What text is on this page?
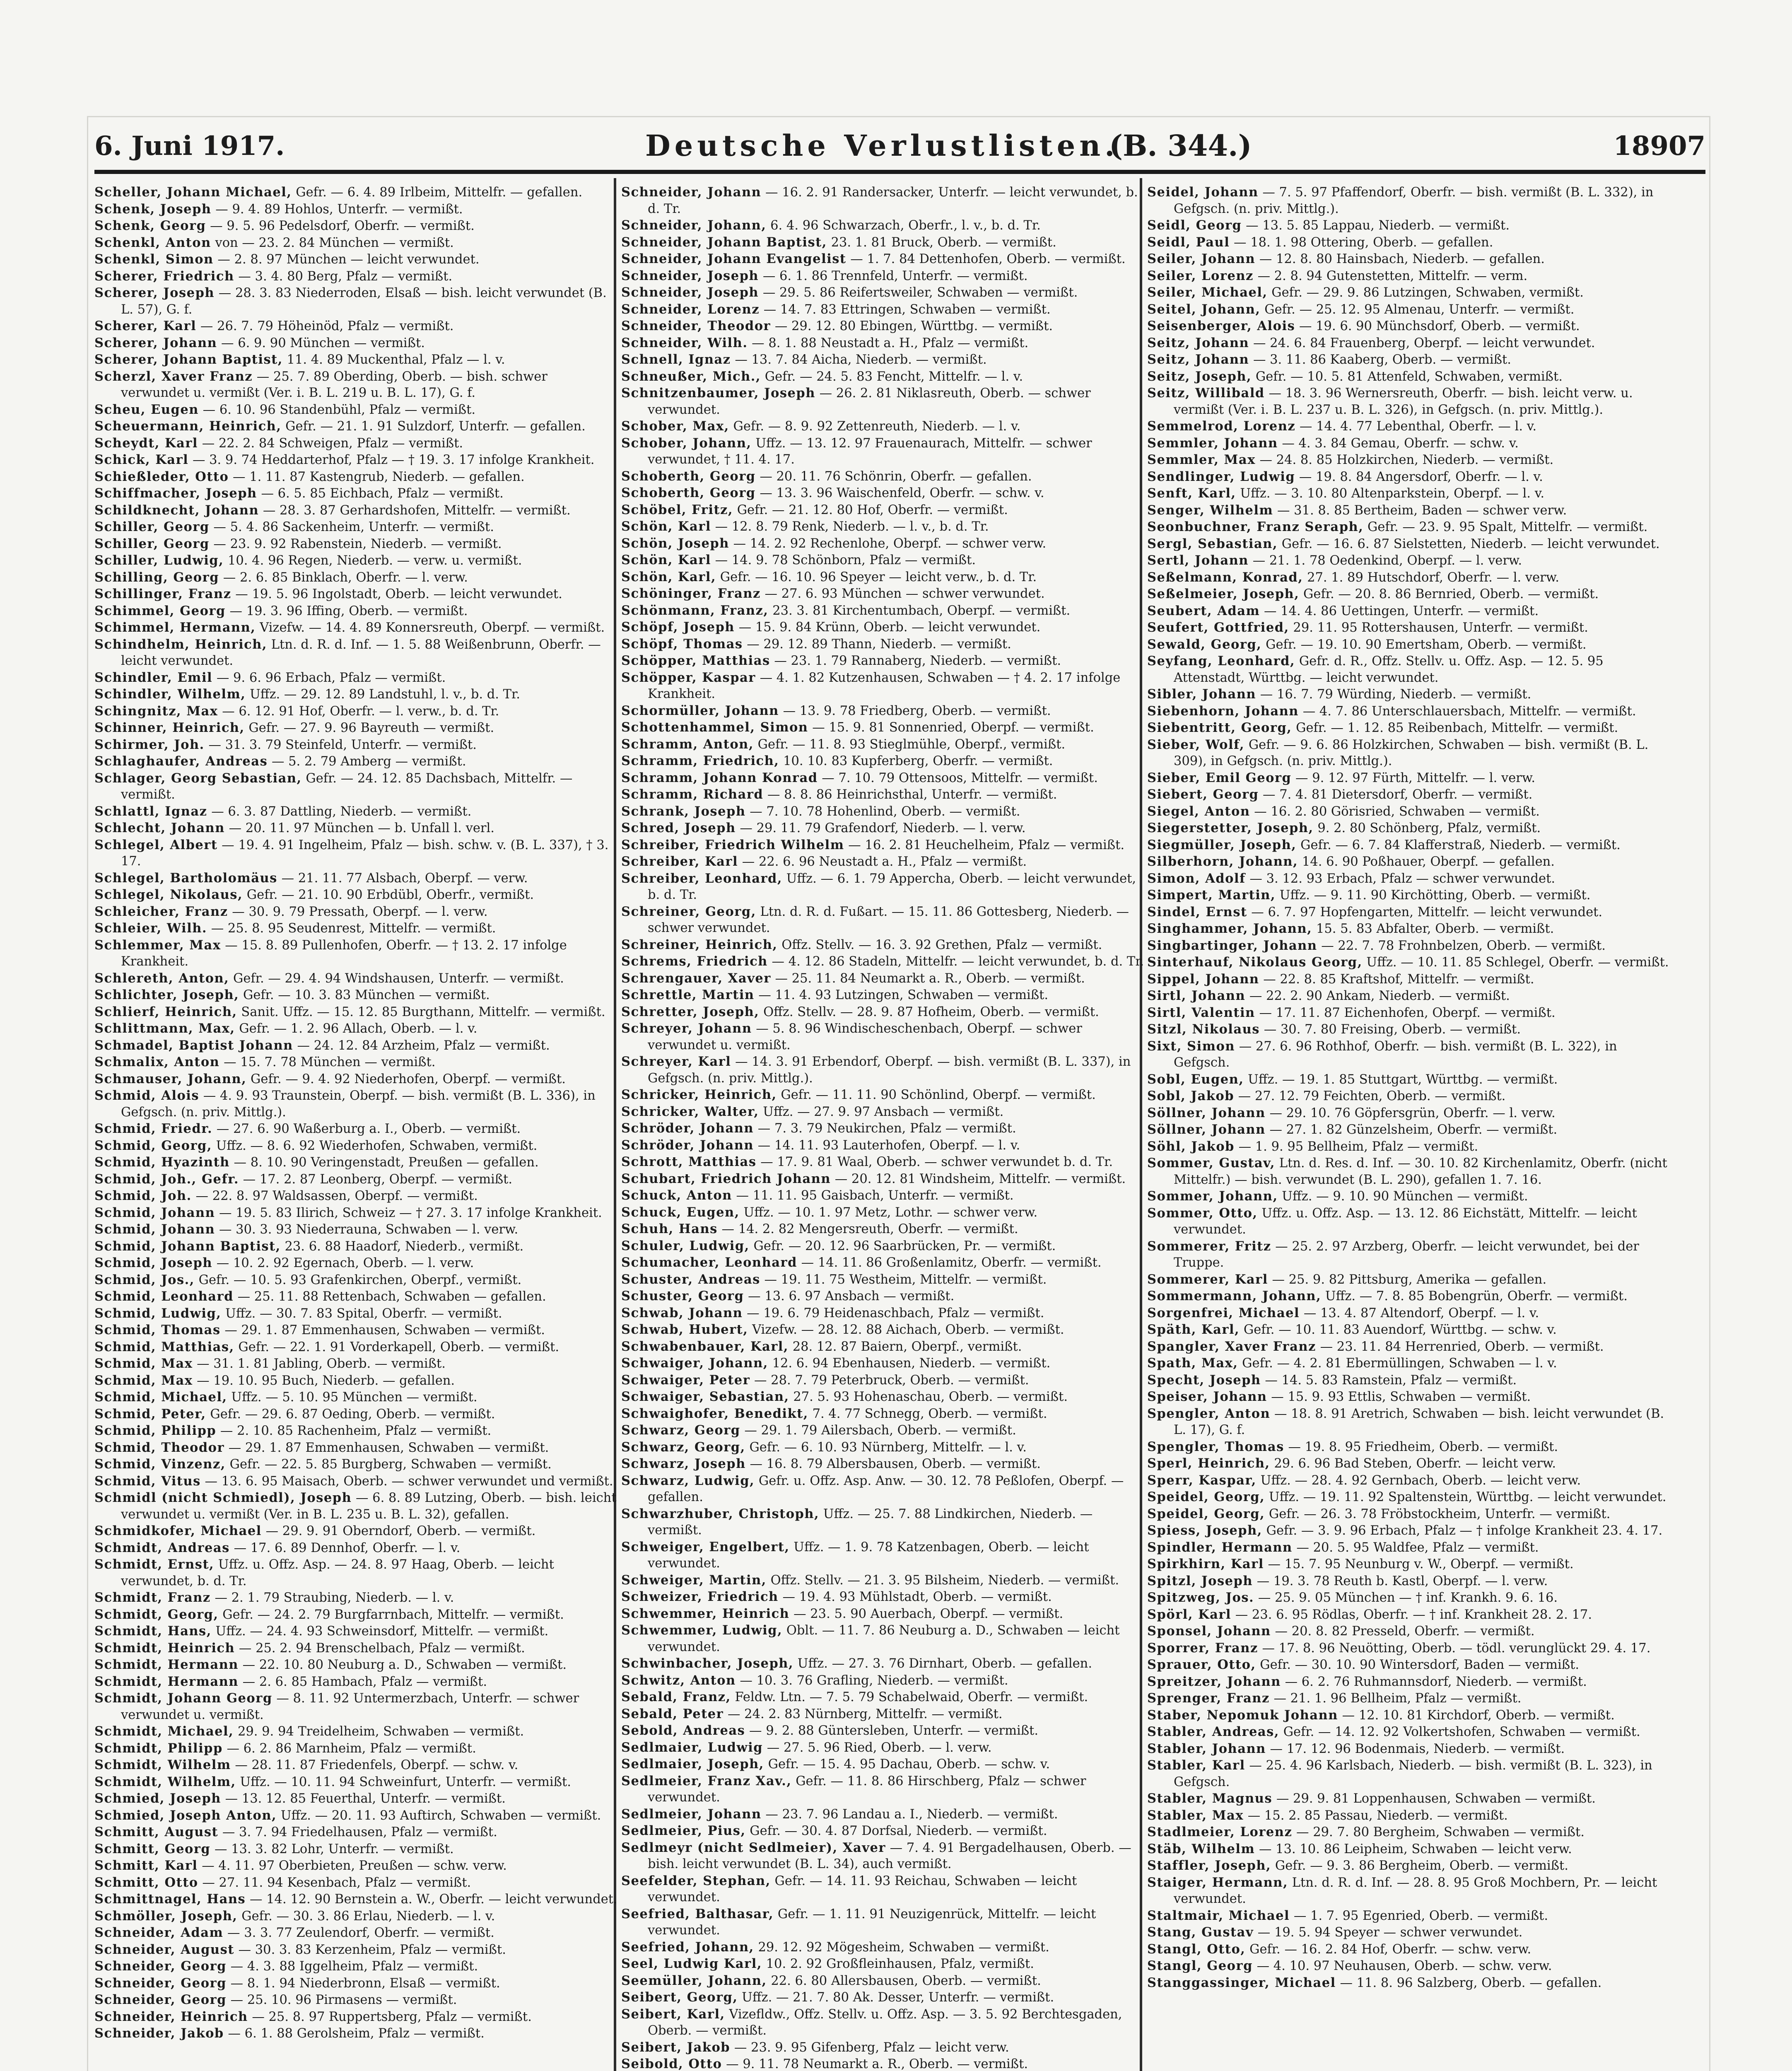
6. Juni 1917.	Deutsche Verlustlisten.
(B. 344.)	18907
Scheller, Johann Michael, Gefr. — 6. 4. 89 Irlbeim, Mittelfr. — gefallen.
Schenk, Joseph — 9. 4. 89 Hohlos, Unterfr. — vermißt.
Schenk, Georg — 9. 5. 96 Pedelsdorf, Oberfr. — vermißt.
Schenkl, Anton von — 23. 2. 84 München — vermißt.
Schenkl, Simon — 2. 8. 97 München — leicht verwundet.
Scherer, Friedrich — 3. 4. 80 Berg, Pfalz — vermißt.
Scherer, Joseph — 28. 3. 83 Niederroden, Elsaß — bish. leicht verwundet (B. L. 57), G. f.
Scherer, Karl — 26. 7. 79 Höheinöd, Pfalz — vermißt.
Scherer, Johann — 6. 9. 90 München — vermißt.
Scherer, Johann Baptist, 11. 4. 89 Muckenthal, Pfalz — l. v.
Scherzl, Xaver Franz — 25. 7. 89 Oberding, Oberb. — bish. schwer verwundet u. vermißt (Ver. i. B. L. 219 u. B. L. 17), G. f.
Scheu, Eugen — 6. 10. 96 Standenbühl, Pfalz — vermißt.
Scheuermann, Heinrich, Gefr. — 21. 1. 91 Sulzdorf, Unterfr. — gefallen.
Scheydt, Karl — 22. 2. 84 Schweigen, Pfalz — vermißt.
Schick, Karl — 3. 9. 74 Heddarterhof, Pfalz — † 19. 3. 17 infolge Krankheit.
Schießleder, Otto — 1. 11. 87 Kastengrub, Niederb. — gefallen.
Schiffmacher, Joseph — 6. 5. 85 Eichbach, Pfalz — vermißt.
Schildknecht, Johann — 28. 3. 87 Gerhardshofen, Mittelfr. — vermißt.
Schiller, Georg — 5. 4. 86 Sackenheim, Unterfr. — vermißt.
Schiller, Georg — 23. 9. 92 Rabenstein, Niederb. — vermißt.
Schiller, Ludwig, 10. 4. 96 Regen, Niederb. — verw. u. vermißt.
Schilling, Georg — 2. 6. 85 Binklach, Oberfr. — l. verw.
Schillinger, Franz — 19. 5. 96 Ingolstadt, Oberb. — leicht verwundet.
Schimmel, Georg — 19. 3. 96 Iffing, Oberb. — vermißt.
Schimmel, Hermann, Vizefw. — 14. 4. 89 Konnersreuth, Oberpf. — vermißt.
Schindhelm, Heinrich, Ltn. d. R. d. Inf. — 1. 5. 88 Weißenbrunn, Oberfr. — leicht verwundet.
Schindler, Emil — 9. 6. 96 Erbach, Pfalz — vermißt.
Schindler, Wilhelm, Uffz. — 29. 12. 89 Landstuhl, l. v., b. d. Tr.
Schingnitz, Max — 6. 12. 91 Hof, Oberfr. — l. verw., b. d. Tr.
Schinner, Heinrich, Gefr. — 27. 9. 96 Bayreuth — vermißt.
Schirmer, Joh. — 31. 3. 79 Steinfeld, Unterfr. — vermißt.
Schlaghaufer, Andreas — 5. 2. 79 Amberg — vermißt.
Schlager, Georg Sebastian, Gefr. — 24. 12. 85 Dachsbach, Mittelfr. — vermißt.
Schlattl, Ignaz — 6. 3. 87 Dattling, Niederb. — vermißt.
Schlecht, Johann — 20. 11. 97 München — b. Unfall l. verl.
Schlegel, Albert — 19. 4. 91 Ingelheim, Pfalz — bish. schw. v. (B. L. 337), † 3. 17.
Schlegel, Bartholomäus — 21. 11. 77 Alsbach, Oberpf. — verw.
Schlegel, Nikolaus, Gefr. — 21. 10. 90 Erbdübl, Oberfr., vermißt.
Schleicher, Franz — 30. 9. 79 Pressath, Oberpf. — l. verw.
Schleier, Wilh. — 25. 8. 95 Seudenrest, Mittelfr. — vermißt.
Schlemmer, Max — 15. 8. 89 Pullenhofen, Oberfr. — † 13. 2. 17 infolge Krankheit.
Schlereth, Anton, Gefr. — 29. 4. 94 Windshausen, Unterfr. — vermißt.
Schlichter, Joseph, Gefr. — 10. 3. 83 München — vermißt.
Schlierf, Heinrich, Sanit. Uffz. — 15. 12. 85 Burgthann, Mittelfr. — vermißt.
Schlittmann, Max, Gefr. — 1. 2. 96 Allach, Oberb. — l. v.
Schmadel, Baptist Johann — 24. 12. 84 Arzheim, Pfalz — vermißt.
Schmalix, Anton — 15. 7. 78 München — vermißt.
Schmauser, Johann, Gefr. — 9. 4. 92 Niederhofen, Oberpf. — vermißt.
Schmid, Alois — 4. 9. 93 Traunstein, Oberpf. — bish. vermißt (B. L. 336), in Gefgsch. (n. priv. Mittlg.).
Schmid, Friedr. — 27. 6. 90 Waßerburg a. I., Oberb. — vermißt.
Schmid, Georg, Uffz. — 8. 6. 92 Wiederhofen, Schwaben, vermißt.
Schmid, Hyazinth — 8. 10. 90 Veringenstadt, Preußen — gefallen.
Schmid, Joh., Gefr. — 17. 2. 87 Leonberg, Oberpf. — vermißt.
Schmid, Joh. — 22. 8. 97 Waldsassen, Oberpf. — vermißt.
Schmid, Johann — 19. 5. 83 Ilirich, Schweiz — † 27. 3. 17 infolge Krankheit.
Schmid, Johann — 30. 3. 93 Niederrauna, Schwaben — l. verw.
Schmid, Johann Baptist, 23. 6. 88 Haadorf, Niederb., vermißt.
Schmid, Joseph — 10. 2. 92 Egernach, Oberb. — l. verw.
Schmid, Jos., Gefr. — 10. 5. 93 Grafenkirchen, Oberpf., vermißt.
Schmid, Leonhard — 25. 11. 88 Rettenbach, Schwaben — gefallen.
Schmid, Ludwig, Uffz. — 30. 7. 83 Spital, Oberfr. — vermißt.
Schmid, Thomas — 29. 1. 87 Emmenhausen, Schwaben — vermißt.
Schmid, Matthias, Gefr. — 22. 1. 91 Vorderkapell, Oberb. — vermißt.
Schmid, Max — 31. 1. 81 Jabling, Oberb. — vermißt.
Schmid, Max — 19. 10. 95 Buch, Niederb. — gefallen.
Schmid, Michael, Uffz. — 5. 10. 95 München — vermißt.
Schmid, Peter, Gefr. — 29. 6. 87 Oeding, Oberb. — vermißt.
Schmid, Philipp — 2. 10. 85 Rachenheim, Pfalz — vermißt.
Schmid, Theodor — 29. 1. 87 Emmenhausen, Schwaben — vermißt.
Schmid, Vinzenz, Gefr. — 22. 5. 85 Burgberg, Schwaben — vermißt.
Schmid, Vitus — 13. 6. 95 Maisach, Oberb. — schwer verwundet und vermißt.
Schmidl (nicht Schmiedl), Joseph — 6. 8. 89 Lutzing, Oberb. — bish. leicht verwundet u. vermißt (Ver. in B. L. 235 u. B. L. 32), gefallen.
Schmidkofer, Michael — 29. 9. 91 Oberndorf, Oberb. — vermißt.
Schmidt, Andreas — 17. 6. 89 Dennhof, Oberfr. — l. v.
Schmidt, Ernst, Uffz. u. Offz. Asp. — 24. 8. 97 Haag, Oberb. — leicht verwundet, b. d. Tr.
Schmidt, Franz — 2. 1. 79 Straubing, Niederb. — l. v.
Schmidt, Georg, Gefr. — 24. 2. 79 Burgfarrnbach, Mittelfr. — vermißt.
Schmidt, Hans, Uffz. — 24. 4. 93 Schweinsdorf, Mittelfr. — vermißt.
Schmidt, Heinrich — 25. 2. 94 Brenschelbach, Pfalz — vermißt.
Schmidt, Hermann — 22. 10. 80 Neuburg a. D., Schwaben — vermißt.
Schmidt, Hermann — 2. 6. 85 Hambach, Pfalz — vermißt.
Schmidt, Johann Georg — 8. 11. 92 Untermerzbach, Unterfr. — schwer verwundet u. vermißt.
Schmidt, Michael, 29. 9. 94 Treidelheim, Schwaben — vermißt.
Schmidt, Philipp — 6. 2. 86 Marnheim, Pfalz — vermißt.
Schmidt, Wilhelm — 28. 11. 87 Friedenfels, Oberpf. — schw. v.
Schmidt, Wilhelm, Uffz. — 10. 11. 94 Schweinfurt, Unterfr. — vermißt.
Schmied, Joseph — 13. 12. 85 Feuerthal, Unterfr. — vermißt.
Schmied, Joseph Anton, Uffz. — 20. 11. 93 Auftirch, Schwaben — vermißt.
Schmitt, August — 3. 7. 94 Friedelhausen, Pfalz — vermißt.
Schmitt, Georg — 13. 3. 82 Lohr, Unterfr. — vermißt.
Schmitt, Karl — 4. 11. 97 Oberbieten, Preußen — schw. verw.
Schmitt, Otto — 27. 11. 94 Kesenbach, Pfalz — vermißt.
Schmittnagel, Hans — 14. 12. 90 Bernstein a. W., Oberfr. — leicht verwundet.
Schmöller, Joseph, Gefr. — 30. 3. 86 Erlau, Niederb. — l. v.
Schneider, Adam — 3. 3. 77 Zeulendorf, Oberfr. — vermißt.
Schneider, August — 30. 3. 83 Kerzenheim, Pfalz — vermißt.
Schneider, Georg — 4. 3. 88 Iggelheim, Pfalz — vermißt.
Schneider, Georg — 8. 1. 94 Niederbronn, Elsaß — vermißt.
Schneider, Georg — 25. 10. 96 Pirmasens — vermißt.
Schneider, Heinrich — 25. 8. 97 Ruppertsberg, Pfalz — vermißt.
Schneider, Jakob — 6. 1. 88 Gerolsheim, Pfalz — vermißt.
Schneider, Johann — 16. 2. 91 Randersacker, Unterfr. — leicht verwundet, b. d. Tr.
Schneider, Johann, 6. 4. 96 Schwarzach, Oberfr., l. v., b. d. Tr.
Schneider, Johann Baptist, 23. 1. 81 Bruck, Oberb. — vermißt.
Schneider, Johann Evangelist — 1. 7. 84 Dettenhofen, Oberb. — vermißt.
Schneider, Joseph — 6. 1. 86 Trennfeld, Unterfr. — vermißt.
Schneider, Joseph — 29. 5. 86 Reifertsweiler, Schwaben — vermißt.
Schneider, Lorenz — 14. 7. 83 Ettringen, Schwaben — vermißt.
Schneider, Theodor — 29. 12. 80 Ebingen, Württbg. — vermißt.
Schneider, Wilh. — 8. 1. 88 Neustadt a. H., Pfalz — vermißt.
Schnell, Ignaz — 13. 7. 84 Aicha, Niederb. — vermißt.
Schneußer, Mich., Gefr. — 24. 5. 83 Fencht, Mittelfr. — l. v.
Schnitzenbaumer, Joseph — 26. 2. 81 Niklasreuth, Oberb. — schwer verwundet.
Schober, Max, Gefr. — 8. 9. 92 Zettenreuth, Niederb. — l. v.
Schober, Johann, Uffz. — 13. 12. 97 Frauenaurach, Mittelfr. — schwer verwundet, † 11. 4. 17.
Schoberth, Georg — 20. 11. 76 Schönrin, Oberfr. — gefallen.
Schoberth, Georg — 13. 3. 96 Waischenfeld, Oberfr. — schw. v.
Schöbel, Fritz, Gefr. — 21. 12. 80 Hof, Oberfr. — vermißt.
Schön, Karl — 12. 8. 79 Renk, Niederb. — l. v., b. d. Tr.
Schön, Joseph — 14. 2. 92 Rechenlohe, Oberpf. — schwer verw.
Schön, Karl — 14. 9. 78 Schönborn, Pfalz — vermißt.
Schön, Karl, Gefr. — 16. 10. 96 Speyer — leicht verw., b. d. Tr.
Schöninger, Franz — 27. 6. 93 München — schwer verwundet.
Schönmann, Franz, 23. 3. 81 Kirchentumbach, Oberpf. — vermißt.
Schöpf, Joseph — 15. 9. 84 Krünn, Oberb. — leicht verwundet.
Schöpf, Thomas — 29. 12. 89 Thann, Niederb. — vermißt.
Schöpper, Matthias — 23. 1. 79 Rannaberg, Niederb. — vermißt.
Schöpper, Kaspar — 4. 1. 82 Kutzenhausen, Schwaben — † 4. 2. 17 infolge Krankheit.
Schormüller, Johann — 13. 9. 78 Friedberg, Oberb. — vermißt.
Schottenhammel, Simon — 15. 9. 81 Sonnenried, Oberpf. — vermißt.
Schramm, Anton, Gefr. — 11. 8. 93 Stieglmühle, Oberpf., vermißt.
Schramm, Friedrich, 10. 10. 83 Kupferberg, Oberfr. — vermißt.
Schramm, Johann Konrad — 7. 10. 79 Ottensoos, Mittelfr. — vermißt.
Schramm, Richard — 8. 8. 86 Heinrichsthal, Unterfr. — vermißt.
Schrank, Joseph — 7. 10. 78 Hohenlind, Oberb. — vermißt.
Schred, Joseph — 29. 11. 79 Grafendorf, Niederb. — l. verw.
Schreiber, Friedrich Wilhelm — 16. 2. 81 Heuchelheim, Pfalz — vermißt.
Schreiber, Karl — 22. 6. 96 Neustadt a. H., Pfalz — vermißt.
Schreiber, Leonhard, Uffz. — 6. 1. 79 Appercha, Oberb. — leicht verwundet, b. d. Tr.
Schreiner, Georg, Ltn. d. R. d. Fußart. — 15. 11. 86 Gottesberg, Niederb. — schwer verwundet.
Schreiner, Heinrich, Offz. Stellv. — 16. 3. 92 Grethen, Pfalz — vermißt.
Schrems, Friedrich — 4. 12. 86 Stadeln, Mittelfr. — leicht verwundet, b. d. Tr.
Schrengauer, Xaver — 25. 11. 84 Neumarkt a. R., Oberb. — vermißt.
Schrettle, Martin — 11. 4. 93 Lutzingen, Schwaben — vermißt.
Schretter, Joseph, Offz. Stellv. — 28. 9. 87 Hofheim, Oberb. — vermißt.
Schreyer, Johann — 5. 8. 96 Windischeschenbach, Oberpf. — schwer verwundet u. vermißt.
Schreyer, Karl — 14. 3. 91 Erbendorf, Oberpf. — bish. vermißt (B. L. 337), in Gefgsch. (n. priv. Mittlg.).
Schricker, Heinrich, Gefr. — 11. 11. 90 Schönlind, Oberpf. — vermißt.
Schricker, Walter, Uffz. — 27. 9. 97 Ansbach — vermißt.
Schröder, Johann — 7. 3. 79 Neukirchen, Pfalz — vermißt.
Schröder, Johann — 14. 11. 93 Lauterhofen, Oberpf. — l. v.
Schrott, Matthias — 17. 9. 81 Waal, Oberb. — schwer verwundet b. d. Tr.
Schubart, Friedrich Johann — 20. 12. 81 Windsheim, Mittelfr. — vermißt.
Schuck, Anton — 11. 11. 95 Gaisbach, Unterfr. — vermißt.
Schuck, Eugen, Uffz. — 10. 1. 97 Metz, Lothr. — schwer verw.
Schuh, Hans — 14. 2. 82 Mengersreuth, Oberfr. — vermißt.
Schuler, Ludwig, Gefr. — 20. 12. 96 Saarbrücken, Pr. — vermißt.
Schumacher, Leonhard — 14. 11. 86 Großenlamitz, Oberfr. — vermißt.
Schuster, Andreas — 19. 11. 75 Westheim, Mittelfr. — vermißt.
Schuster, Georg — 13. 6. 97 Ansbach — vermißt.
Schwab, Johann — 19. 6. 79 Heidenaschbach, Pfalz — vermißt.
Schwab, Hubert, Vizefw. — 28. 12. 88 Aichach, Oberb. — vermißt.
Schwabenbauer, Karl, 28. 12. 87 Baiern, Oberpf., vermißt.
Schwaiger, Johann, 12. 6. 94 Ebenhausen, Niederb. — vermißt.
Schwaiger, Peter — 28. 7. 79 Peterbruck, Oberb. — vermißt.
Schwaiger, Sebastian, 27. 5. 93 Hohenaschau, Oberb. — vermißt.
Schwaighofer, Benedikt, 7. 4. 77 Schnegg, Oberb. — vermißt.
Schwarz, Georg — 29. 1. 79 Ailersbach, Oberb. — vermißt.
Schwarz, Georg, Gefr. — 6. 10. 93 Nürnberg, Mittelfr. — l. v.
Schwarz, Joseph — 16. 8. 79 Albersbausen, Oberb. — vermißt.
Schwarz, Ludwig, Gefr. u. Offz. Asp. Anw. — 30. 12. 78 Peßlofen, Oberpf. — gefallen.
Schwarzhuber, Christoph, Uffz. — 25. 7. 88 Lindkirchen, Niederb. — vermißt.
Schweiger, Engelbert, Uffz. — 1. 9. 78 Katzenbagen, Oberb. — leicht verwundet.
Schweiger, Martin, Offz. Stellv. — 21. 3. 95 Bilsheim, Niederb. — vermißt.
Schweizer, Friedrich — 19. 4. 93 Mühlstadt, Oberb. — vermißt.
Schwemmer, Heinrich — 23. 5. 90 Auerbach, Oberpf. — vermißt.
Schwemmer, Ludwig, Oblt. — 11. 7. 86 Neuburg a. D., Schwaben — leicht verwundet.
Schwinbacher, Joseph, Uffz. — 27. 3. 76 Dirnhart, Oberb. — gefallen.
Schwitz, Anton — 10. 3. 76 Grafling, Niederb. — vermißt.
Sebald, Franz, Feldw. Ltn. — 7. 5. 79 Schabelwaid, Oberfr. — vermißt.
Sebald, Peter — 24. 2. 83 Nürnberg, Mittelfr. — vermißt.
Sebold, Andreas — 9. 2. 88 Güntersleben, Unterfr. — vermißt.
Sedlmaier, Ludwig — 27. 5. 96 Ried, Oberb. — l. verw.
Sedlmaier, Joseph, Gefr. — 15. 4. 95 Dachau, Oberb. — schw. v.
Sedlmeier, Franz Xav., Gefr. — 11. 8. 86 Hirschberg, Pfalz — schwer verwundet.
Sedlmeier, Johann — 23. 7. 96 Landau a. I., Niederb. — vermißt.
Sedlmeier, Pius, Gefr. — 30. 4. 87 Dorfsal, Niederb. — vermißt.
Sedlmeyr (nicht Sedlmeier), Xaver — 7. 4. 91 Bergadelhausen, Oberb. — bish. leicht verwundet (B. L. 34), auch vermißt.
Seefelder, Stephan, Gefr. — 14. 11. 93 Reichau, Schwaben — leicht verwundet.
Seefried, Balthasar, Gefr. — 1. 11. 91 Neuzigenrück, Mittelfr. — leicht verwundet.
Seefried, Johann, 29. 12. 92 Mögesheim, Schwaben — vermißt.
Seel, Ludwig Karl, 10. 2. 92 Großfleinhausen, Pfalz, vermißt.
Seemüller, Johann, 22. 6. 80 Allersbausen, Oberb. — vermißt.
Seibert, Georg, Uffz. — 21. 7. 80 Ak. Desser, Unterfr. — vermißt.
Seibert, Karl, Vizefldw., Offz. Stellv. u. Offz. Asp. — 3. 5. 92 Berchtesgaden, Oberb. — vermißt.
Seibert, Jakob — 23. 9. 95 Gifenberg, Pfalz — leicht verw.
Seibold, Otto — 9. 11. 78 Neumarkt a. R., Oberb. — vermißt.
Seidel, Johann — 7. 5. 97 Pfaffendorf, Oberfr. — bish. vermißt (B. L. 332), in Gefgsch. (n. priv. Mittlg.).
Seidl, Georg — 13. 5. 85 Lappau, Niederb. — vermißt.
Seidl, Paul — 18. 1. 98 Ottering, Oberb. — gefallen.
Seiler, Johann — 12. 8. 80 Hainsbach, Niederb. — gefallen.
Seiler, Lorenz — 2. 8. 94 Gutenstetten, Mittelfr. — verm.
Seiler, Michael, Gefr. — 29. 9. 86 Lutzingen, Schwaben, vermißt.
Seitel, Johann, Gefr. — 25. 12. 95 Almenau, Unterfr. — vermißt.
Seisenberger, Alois — 19. 6. 90 Münchsdorf, Oberb. — vermißt.
Seitz, Johann — 24. 6. 84 Frauenberg, Oberpf. — leicht verwundet.
Seitz, Johann — 3. 11. 86 Kaaberg, Oberb. — vermißt.
Seitz, Joseph, Gefr. — 10. 5. 81 Attenfeld, Schwaben, vermißt.
Seitz, Willibald — 18. 3. 96 Wernersreuth, Oberfr. — bish. leicht verw. u. vermißt (Ver. i. B. L. 237 u. B. L. 326), in Gefgsch. (n. priv. Mittlg.).
Semmelrod, Lorenz — 14. 4. 77 Lebenthal, Oberfr. — l. v.
Semmler, Johann — 4. 3. 84 Gemau, Oberfr. — schw. v.
Semmler, Max — 24. 8. 85 Holzkirchen, Niederb. — vermißt.
Sendlinger, Ludwig — 19. 8. 84 Angersdorf, Oberfr. — l. v.
Senft, Karl, Uffz. — 3. 10. 80 Altenparkstein, Oberpf. — l. v.
Senger, Wilhelm — 31. 8. 85 Bertheim, Baden — schwer verw.
Seonbuchner, Franz Seraph, Gefr. — 23. 9. 95 Spalt, Mittelfr. — vermißt.
Sergl, Sebastian, Gefr. — 16. 6. 87 Sielstetten, Niederb. — leicht verwundet.
Sertl, Johann — 21. 1. 78 Oedenkind, Oberpf. — l. verw.
Seßelmann, Konrad, 27. 1. 89 Hutschdorf, Oberfr. — l. verw.
Seßelmeier, Joseph, Gefr. — 20. 8. 86 Bernried, Oberb. — vermißt.
Seubert, Adam — 14. 4. 86 Uettingen, Unterfr. — vermißt.
Seufert, Gottfried, 29. 11. 95 Rottershausen, Unterfr. — vermißt.
Sewald, Georg, Gefr. — 19. 10. 90 Emertsham, Oberb. — vermißt.
Seyfang, Leonhard, Gefr. d. R., Offz. Stellv. u. Offz. Asp. — 12. 5. 95 Attenstadt, Württbg. — leicht verwundet.
Sibler, Johann — 16. 7. 79 Würding, Niederb. — vermißt.
Siebenhorn, Johann — 4. 7. 86 Unterschlauersbach, Mittelfr. — vermißt.
Siebentritt, Georg, Gefr. — 1. 12. 85 Reibenbach, Mittelfr. — vermißt.
Sieber, Wolf, Gefr. — 9. 6. 86 Holzkirchen, Schwaben — bish. vermißt (B. L. 309), in Gefgsch. (n. priv. Mittlg.).
Sieber, Emil Georg — 9. 12. 97 Fürth, Mittelfr. — l. verw.
Siebert, Georg — 7. 4. 81 Dietersdorf, Oberfr. — vermißt.
Siegel, Anton — 16. 2. 80 Görisried, Schwaben — vermißt.
Siegerstetter, Joseph, 9. 2. 80 Schönberg, Pfalz, vermißt.
Siegmüller, Joseph, Gefr. — 6. 7. 84 Klafferstraß, Niederb. — vermißt.
Silberhorn, Johann, 14. 6. 90 Poßhauer, Oberpf. — gefallen.
Simon, Adolf — 3. 12. 93 Erbach, Pfalz — schwer verwundet.
Simpert, Martin, Uffz. — 9. 11. 90 Kirchötting, Oberb. — vermißt.
Sindel, Ernst — 6. 7. 97 Hopfengarten, Mittelfr. — leicht verwundet.
Singhammer, Johann, 15. 5. 83 Abfalter, Oberb. — vermißt.
Singbartinger, Johann — 22. 7. 78 Frohnbelzen, Oberb. — vermißt.
Sinterhauf, Nikolaus Georg, Uffz. — 10. 11. 85 Schlegel, Oberfr. — vermißt.
Sippel, Johann — 22. 8. 85 Kraftshof, Mittelfr. — vermißt.
Sirtl, Johann — 22. 2. 90 Ankam, Niederb. — vermißt.
Sirtl, Valentin — 17. 11. 87 Eichenhofen, Oberpf. — vermißt.
Sitzl, Nikolaus — 30. 7. 80 Freising, Oberb. — vermißt.
Sixt, Simon — 27. 6. 96 Rothhof, Oberfr. — bish. vermißt (B. L. 322), in Gefgsch.
Sobl, Eugen, Uffz. — 19. 1. 85 Stuttgart, Württbg. — vermißt.
Sobl, Jakob — 27. 12. 79 Feichten, Oberb. — vermißt.
Söllner, Johann — 29. 10. 76 Göpfersgrün, Oberfr. — l. verw.
Söllner, Johann — 27. 1. 82 Günzelsheim, Oberfr. — vermißt.
Söhl, Jakob — 1. 9. 95 Bellheim, Pfalz — vermißt.
Sommer, Gustav, Ltn. d. Res. d. Inf. — 30. 10. 82 Kirchenlamitz, Oberfr. (nicht Mittelfr.) — bish. verwundet (B. L. 290), gefallen 1. 7. 16.
Sommer, Johann, Uffz. — 9. 10. 90 München — vermißt.
Sommer, Otto, Uffz. u. Offz. Asp. — 13. 12. 86 Eichstätt, Mittelfr. — leicht verwundet.
Sommerer, Fritz — 25. 2. 97 Arzberg, Oberfr. — leicht verwundet, bei der Truppe.
Sommerer, Karl — 25. 9. 82 Pittsburg, Amerika — gefallen.
Sommermann, Johann, Uffz. — 7. 8. 85 Bobengrün, Oberfr. — vermißt.
Sorgenfrei, Michael — 13. 4. 87 Altendorf, Oberpf. — l. v.
Späth, Karl, Gefr. — 10. 11. 83 Auendorf, Württbg. — schw. v.
Spangler, Xaver Franz — 23. 11. 84 Herrenried, Oberb. — vermißt.
Spath, Max, Gefr. — 4. 2. 81 Ebermüllingen, Schwaben — l. v.
Specht, Joseph — 14. 5. 83 Ramstein, Pfalz — vermißt.
Speiser, Johann — 15. 9. 93 Ettlis, Schwaben — vermißt.
Spengler, Anton — 18. 8. 91 Aretrich, Schwaben — bish. leicht verwundet (B. L. 17), G. f.
Spengler, Thomas — 19. 8. 95 Friedheim, Oberb. — vermißt.
Sperl, Heinrich, 29. 6. 96 Bad Steben, Oberfr. — leicht verw.
Sperr, Kaspar, Uffz. — 28. 4. 92 Gernbach, Oberb. — leicht verw.
Speidel, Georg, Uffz. — 19. 11. 92 Spaltenstein, Württbg. — leicht verwundet.
Speidel, Georg, Gefr. — 26. 3. 78 Fröbstockheim, Unterfr. — vermißt.
Spiess, Joseph, Gefr. — 3. 9. 96 Erbach, Pfalz — † infolge Krankheit 23. 4. 17.
Spindler, Hermann — 20. 5. 95 Waldfee, Pfalz — vermißt.
Spirkhirn, Karl — 15. 7. 95 Neunburg v. W., Oberpf. — vermißt.
Spitzl, Joseph — 19. 3. 78 Reuth b. Kastl, Oberpf. — l. verw.
Spitzweg, Jos. — 25. 9. 05 München — † inf. Krankh. 9. 6. 16.
Spörl, Karl — 23. 6. 95 Rödlas, Oberfr. — † inf. Krankheit 28. 2. 17.
Sponsel, Johann — 20. 8. 82 Presseld, Oberfr. — vermißt.
Sporrer, Franz — 17. 8. 96 Neuötting, Oberb. — tödl. verunglückt 29. 4. 17.
Sprauer, Otto, Gefr. — 30. 10. 90 Wintersdorf, Baden — vermißt.
Spreitzer, Johann — 6. 2. 76 Ruhmannsdorf, Niederb. — vermißt.
Sprenger, Franz — 21. 1. 96 Bellheim, Pfalz — vermißt.
Staber, Nepomuk Johann — 12. 10. 81 Kirchdorf, Oberb. — vermißt.
Stabler, Andreas, Gefr. — 14. 12. 92 Volkertshofen, Schwaben — vermißt.
Stabler, Johann — 17. 12. 96 Bodenmais, Niederb. — vermißt.
Stabler, Karl — 25. 4. 96 Karlsbach, Niederb. — bish. vermißt (B. L. 323), in Gefgsch.
Stabler, Magnus — 29. 9. 81 Loppenhausen, Schwaben — vermißt.
Stabler, Max — 15. 2. 85 Passau, Niederb. — vermißt.
Stadlmeier, Lorenz — 29. 7. 80 Bergheim, Schwaben — vermißt.
Stäb, Wilhelm — 13. 10. 86 Leipheim, Schwaben — leicht verw.
Staffler, Joseph, Gefr. — 9. 3. 86 Bergheim, Oberb. — vermißt.
Staiger, Hermann, Ltn. d. R. d. Inf. — 28. 8. 95 Groß Mochbern, Pr. — leicht verwundet.
Staltmair, Michael — 1. 7. 95 Egenried, Oberb. — vermißt.
Stang, Gustav — 19. 5. 94 Speyer — schwer verwundet.
Stangl, Otto, Gefr. — 16. 2. 84 Hof, Oberfr. — schw. verw.
Stangl, Georg — 4. 10. 97 Neuhausen, Oberb. — schw. verw.
Stanggassinger, Michael — 11. 8. 96 Salzberg, Oberb. — gefallen.
